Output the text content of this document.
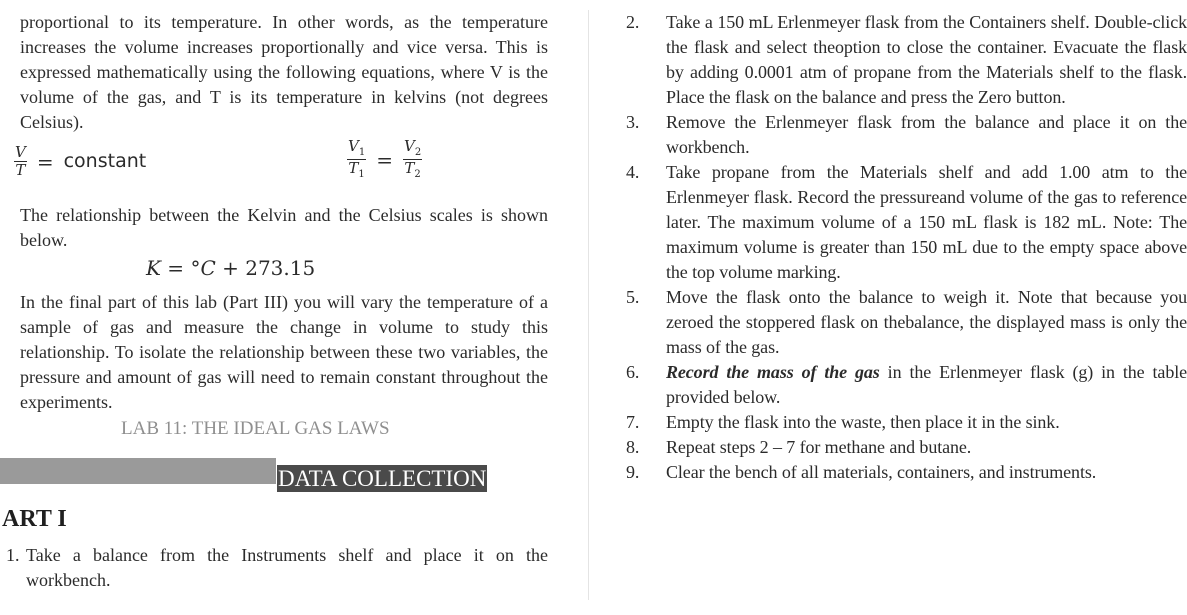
proportional to its temperature. In other words, as the temperature increases the volume increases proportionally and vice versa. This is expressed mathematically using the following equations, where V is the volume of the gas, and T is its temperature in kelvins (not degrees Celsius).

$\frac{V}{T}$ = constant	$\frac{V_1}{T_1} = \frac{V_2}{T_2}$

The relationship between the Kelvin and the Celsius scales is shown below.

K = °C + 273.15

In the final part of this lab (Part III) you will vary the temperature of a sample of gas and measure the change in volume to study this relationship. To isolate the relationship between these two variables, the pressure and amount of gas will need to remain constant throughout the experiments.

LAB 11: THE IDEAL GAS LAWS

DATA COLLECTION

ART I

1. Take a balance from the Instruments shelf and place it on the workbench.
2. Take a 150 mL Erlenmeyer flask from the Containers shelf. Double-click the flask and select theoption to close the container. Evacuate the flask by adding 0.0001 atm of propane from the Materials shelf to the flask. Place the flask on the balance and press the Zero button.
3. Remove the Erlenmeyer flask from the balance and place it on the workbench.
4. Take propane from the Materials shelf and add 1.00 atm to the Erlenmeyer flask. Record the pressureand volume of the gas to reference later. The maximum volume of a 150 mL flask is 182 mL. Note: The maximum volume is greater than 150 mL due to the empty space above the top volume marking.
5. Move the flask onto the balance to weigh it. Note that because you zeroed the stoppered flask on thebalance, the displayed mass is only the mass of the gas.
6. Record the mass of the gas in the Erlenmeyer flask (g) in the table provided below.
7. Empty the flask into the waste, then place it in the sink.
8. Repeat steps 2 – 7 for methane and butane.
9. Clear the bench of all materials, containers, and instruments.
